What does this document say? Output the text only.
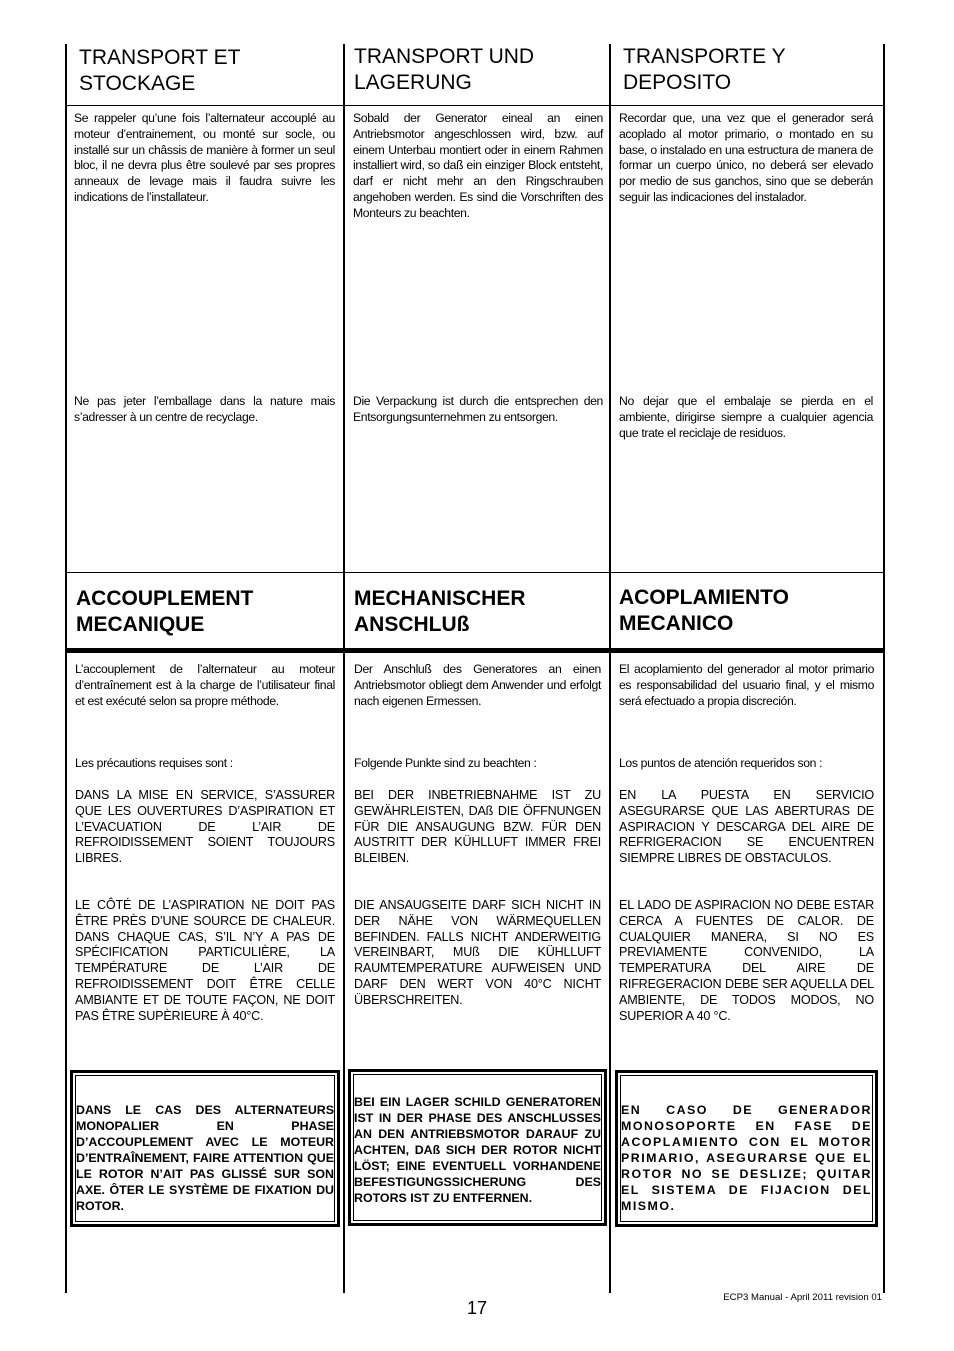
TRANSPORT ET
STOCKAGE
TRANSPORT UND
LAGERUNG
TRANSPORTE Y
DEPOSITO
Se rappeler qu’une fois l’alternateur accouplé au moteur d’entrainement, ou monté sur socle, ou installé sur un châssis de manière à former un seul bloc, il ne devra plus être soulevé par ses propres anneaux de levage mais il faudra suivre les indications de l’installateur.
Sobald der Generator eineal an einen Antriebsmotor angeschlossen wird, bzw. auf einem Unterbau montiert oder in einem Rahmen installiert wird, so daß ein einziger Block entsteht, darf er nicht mehr an den Ringschrauben angehoben werden. Es sind die Vorschriften des Monteurs zu beachten.
Recordar que, una vez que el generador será acoplado al motor primario, o montado en su base, o instalado en una estructura de manera de formar un cuerpo único, no deberá ser elevado por medio de sus ganchos, sino que se deberán seguir las indicaciones del instalador.
Ne pas jeter l’emballage dans la nature mais s’adresser à un centre de recyclage.
Die Verpackung ist durch die entsprechen den Entsorgungsunternehmen zu entsorgen.
No dejar que el embalaje se pierda en el ambiente, dirigirse siempre a cualquier agencia que trate el reciclaje de residuos.
ACCOUPLEMENT
MECANIQUE
MECHANISCHER
ANSCHLUß
ACOPLAMIENTO
MECANICO
L’accouplement de l’alternateur au moteur d’entraînement est à la charge de l’utilisateur final et est exécuté selon sa propre méthode.
Der Anschluß des Generatores an einen Antriebsmotor obliegt dem Anwender und erfolgt nach eigenen Ermessen.
El acoplamiento del generador al motor primario es responsabilidad del usuario final, y el mismo será efectuado a propia discreción.
Les précautions requises sont :	Folgende Punkte sind zu beachten :	Los puntos de atención requeridos son :
DANS LA MISE EN SERVICE, S’ASSURER QUE LES OUVERTURES D’ASPIRATION ET L’EVACUATION DE L’AIR DE REFROIDISSEMENT SOIENT TOUJOURS LIBRES.
BEI DER INBETRIEBNAHME IST ZU GEWÄHRLEISTEN, DAß DIE ÖFFNUNGEN FÜR DIE ANSAUGUNG BZW. FÜR DEN AUSTRITT DER KÜHLLUFT IMMER FREI BLEIBEN.
EN LA PUESTA EN SERVICIO ASEGURARSE QUE LAS ABERTURAS DE ASPIRACION Y DESCARGA DEL AIRE DE REFRIGERACION SE ENCUENTREN SIEMPRE LIBRES DE OBSTACULOS.
LE CÔTÉ DE L’ASPIRATION NE DOIT PAS ÊTRE PRÈS D’UNE SOURCE DE CHALEUR. DANS CHAQUE CAS, S’IL N’Y A PAS DE SPÉCIFICATION PARTICULIÈRE, LA TEMPÉRATURE DE L’AIR DE REFROIDISSEMENT DOIT ÊTRE CELLE AMBIANTE ET DE TOUTE FAÇON, NE DOIT PAS ÊTRE SUPÈRIEURE À 40°C.
DIE ANSAUGSEITE DARF SICH NICHT IN DER NÄHE VON WÄRMEQUELLEN BEFINDEN. FALLS NICHT ANDERWEITIG VEREINBART, MUß DIE KÜHLLUFT RAUMTEMPERATURE AUFWEISEN UND DARF DEN WERT VON 40°C NICHT ÜBERSCHREITEN.
EL LADO DE ASPIRACION NO DEBE ESTAR CERCA A FUENTES DE CALOR. DE CUALQUIER MANERA, SI NO ES PREVIAMENTE CONVENIDO, LA TEMPERATURA DEL AIRE DE RIFREGERACION DEBE SER AQUELLA DEL AMBIENTE, DE TODOS MODOS, NO SUPERIOR A 40 °C.
DANS LE CAS DES ALTERNATEURS MONOPALIER EN PHASE D’ACCOUPLEMENT AVEC LE MOTEUR D’ENTRAÎNEMENT, FAIRE ATTENTION QUE LE ROTOR N’AIT PAS GLISSÉ SUR SON AXE. ÔTER LE SYSTÈME DE FIXATION DU ROTOR.
BEI EIN LAGER SCHILD GENERATOREN IST IN DER PHASE DES ANSCHLUSSES AN DEN ANTRIEBSMOTOR DARAUF ZU ACHTEN, DAß SICH DER ROTOR NICHT LÖST; EINE EVENTUELL VORHANDENE BEFESTIGUNGSSICHERUNG DES ROTORS IST ZU ENTFERNEN.
EN CASO DE GENERADOR MONOSOPORTE EN FASE DE ACOPLAMIENTO CON EL MOTOR PRIMARIO, ASEGURARSE QUE EL ROTOR NO SE DESLIZE; QUITAR EL SISTEMA DE FIJACION DEL MISMO.
17
ECP3 Manual - April 2011 revision 01
